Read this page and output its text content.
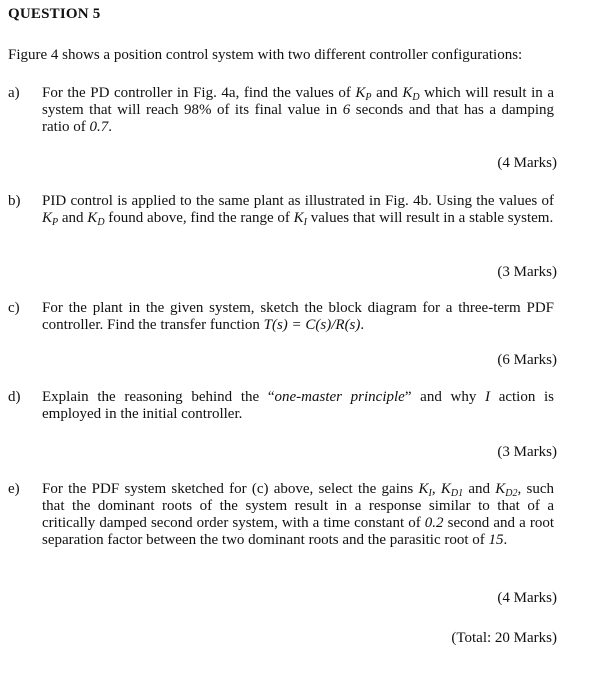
QUESTION 5
Figure 4 shows a position control system with two different controller configurations:
a) For the PD controller in Fig. 4a, find the values of $K_P$ and $K_D$ which will result in a system that will reach 98% of its final value in 6 seconds and that has a damping ratio of 0.7.
(4 Marks)
b) PID control is applied to the same plant as illustrated in Fig. 4b. Using the values of $K_P$ and $K_D$ found above, find the range of $K_I$ values that will result in a stable system.
(3 Marks)
c) For the plant in the given system, sketch the block diagram for a three-term PDF controller. Find the transfer function T(s) = C(s)/R(s).
(6 Marks)
d) Explain the reasoning behind the “one-master principle” and why I action is employed in the initial controller.
(3 Marks)
e) For the PDF system sketched for (c) above, select the gains $K_I$, $K_{D1}$ and $K_{D2}$, such that the dominant roots of the system result in a response similar to that of a critically damped second order system, with a time constant of 0.2 second and a root separation factor between the two dominant roots and the parasitic root of 15.
(4 Marks)
(Total: 20 Marks)
